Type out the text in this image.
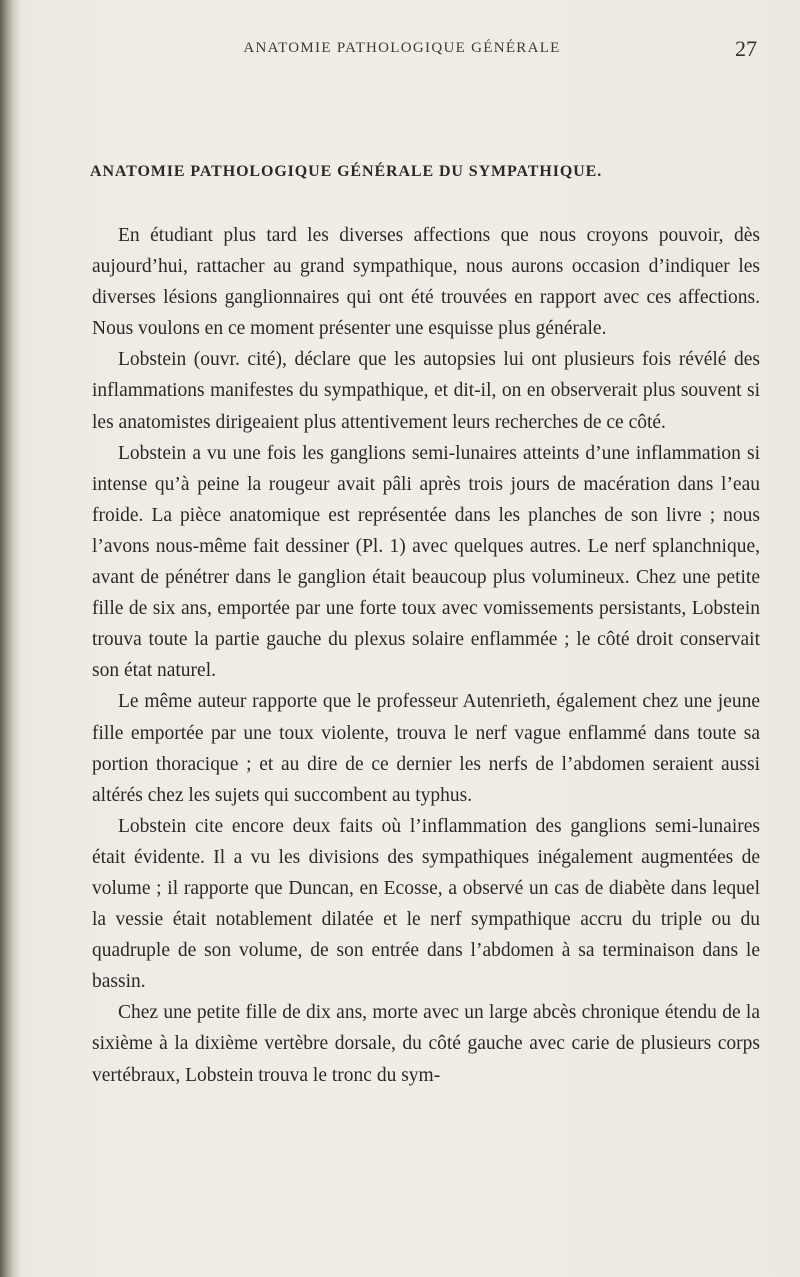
ANATOMIE PATHOLOGIQUE GÉNÉRALE	27
ANATOMIE PATHOLOGIQUE GÉNÉRALE DU SYMPATHIQUE.

En étudiant plus tard les diverses affections que nous croyons pouvoir, dès aujourd’hui, rattacher au grand sympathique, nous aurons occasion d’indiquer les diverses lésions ganglionnaires qui ont été trouvées en rapport avec ces affections. Nous voulons en ce moment présenter une esquisse plus générale.

Lobstein (ouvr. cité), déclare que les autopsies lui ont plusieurs fois révélé des inflammations manifestes du sympathique, et dit-il, on en observerait plus souvent si les anatomistes dirigeaient plus attentivement leurs recherches de ce côté.

Lobstein a vu une fois les ganglions semi-lunaires atteints d’une inflammation si intense qu’à peine la rougeur avait pâli après trois jours de macération dans l’eau froide. La pièce anatomique est représentée dans les planches de son livre ; nous l’avons nous-même fait dessiner (Pl. 1) avec quelques autres. Le nerf splanchnique, avant de pénétrer dans le ganglion était beaucoup plus volumineux. Chez une petite fille de six ans, emportée par une forte toux avec vomissements persistants, Lobstein trouva toute la partie gauche du plexus solaire enflammée ; le côté droit conservait son état naturel.

Le même auteur rapporte que le professeur Autenrieth, également chez une jeune fille emportée par une toux violente, trouva le nerf vague enflammé dans toute sa portion thoracique ; et au dire de ce dernier les nerfs de l’abdomen seraient aussi altérés chez les sujets qui succombent au typhus.

Lobstein cite encore deux faits où l’inflammation des ganglions semi-lunaires était évidente. Il a vu les divisions des sympathiques inégalement augmentées de volume ; il rapporte que Duncan, en Ecosse, a observé un cas de diabète dans lequel la vessie était notablement dilatée et le nerf sympathique accru du triple ou du quadruple de son volume, de son entrée dans l’abdomen à sa terminaison dans le bassin.

Chez une petite fille de dix ans, morte avec un large abcès chronique étendu de la sixième à la dixième vertèbre dorsale, du côté gauche avec carie de plusieurs corps vertébraux, Lobstein trouva le tronc du sym-
